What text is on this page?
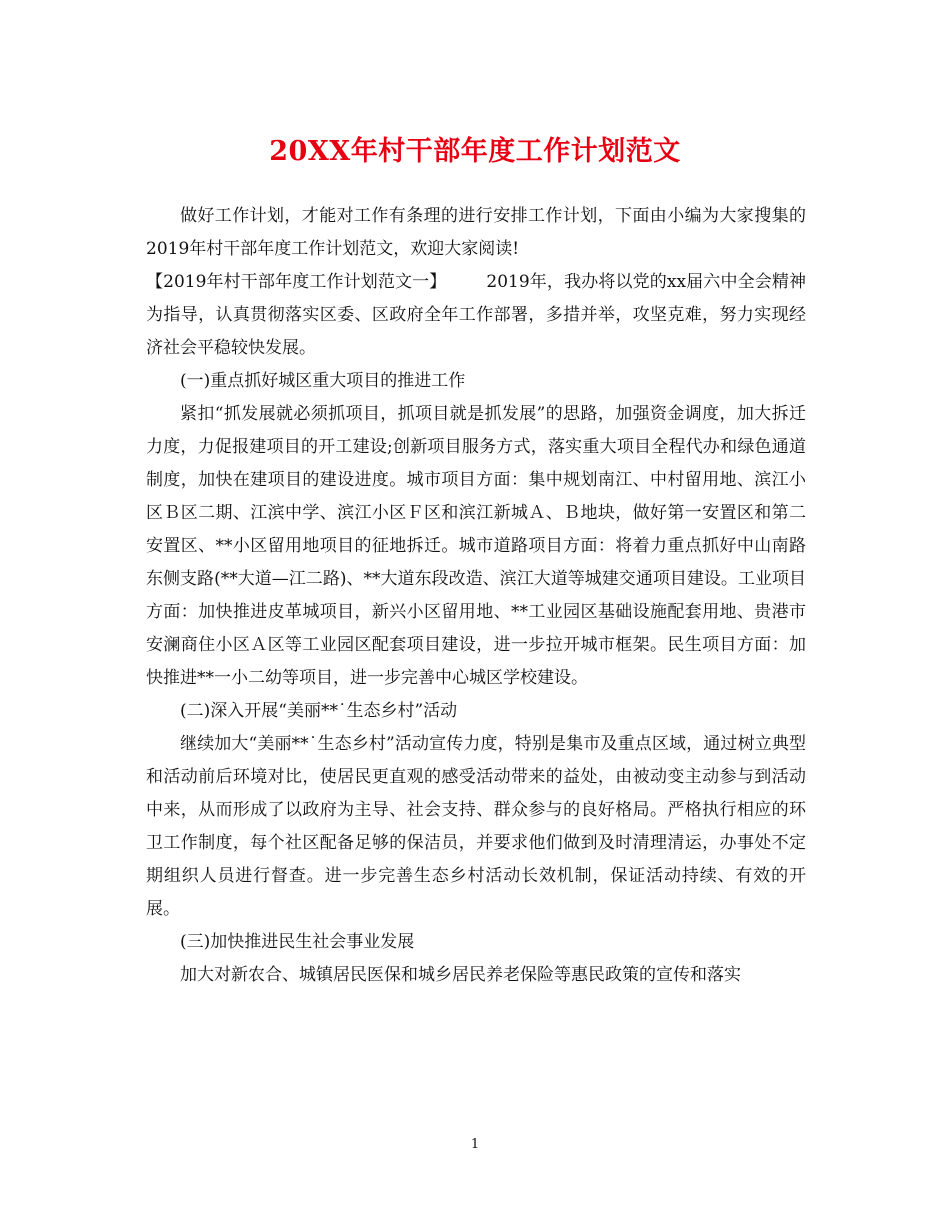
20XX年村干部年度工作计划范文

做好工作计划，才能对工作有条理的进行安排工作计划，下面由小编为大家搜集的2019年村干部年度工作计划范文，欢迎大家阅读!

【2019年村干部年度工作计划范文一】 2019年，我办将以党的xx届六中全会精神为指导，认真贯彻落实区委、区政府全年工作部署，多措并举，攻坚克难，努力实现经济社会平稳较快发展。

(一)重点抓好城区重大项目的推进工作

紧扣“抓发展就必须抓项目，抓项目就是抓发展”的思路，加强资金调度，加大拆迁力度，力促报建项目的开工建设;创新项目服务方式，落实重大项目全程代办和绿色通道制度，加快在建项目的建设进度。城市项目方面：集中规划南江、中村留用地、滨江小区Ｂ区二期、江滨中学、滨江小区Ｆ区和滨江新城Ａ、Ｂ地块，做好第一安置区和第二安置区、**小区留用地项目的征地拆迁。城市道路项目方面：将着力重点抓好中山南路东侧支路(**大道—江二路)、**大道东段改造、滨江大道等城建交通项目建设。工业项目方面：加快推进皮革城项目，新兴小区留用地、**工业园区基础设施配套用地、贵港市安澜商住小区Ａ区等工业园区配套项目建设，进一步拉开城市框架。民生项目方面：加快推进**一小二幼等项目，进一步完善中心城区学校建设。

(二)深入开展“美丽**˙生态乡村”活动

继续加大“美丽**˙生态乡村”活动宣传力度，特别是集市及重点区域，通过树立典型和活动前后环境对比，使居民更直观的感受活动带来的益处，由被动变主动参与到活动中来，从而形成了以政府为主导、社会支持、群众参与的良好格局。严格执行相应的环卫工作制度，每个社区配备足够的保洁员，并要求他们做到及时清理清运，办事处不定期组织人员进行督查。进一步完善生态乡村活动长效机制，保证活动持续、有效的开展。

(三)加快推进民生社会事业发展

加大对新农合、城镇居民医保和城乡居民养老保险等惠民政策的宣传和落实

1
